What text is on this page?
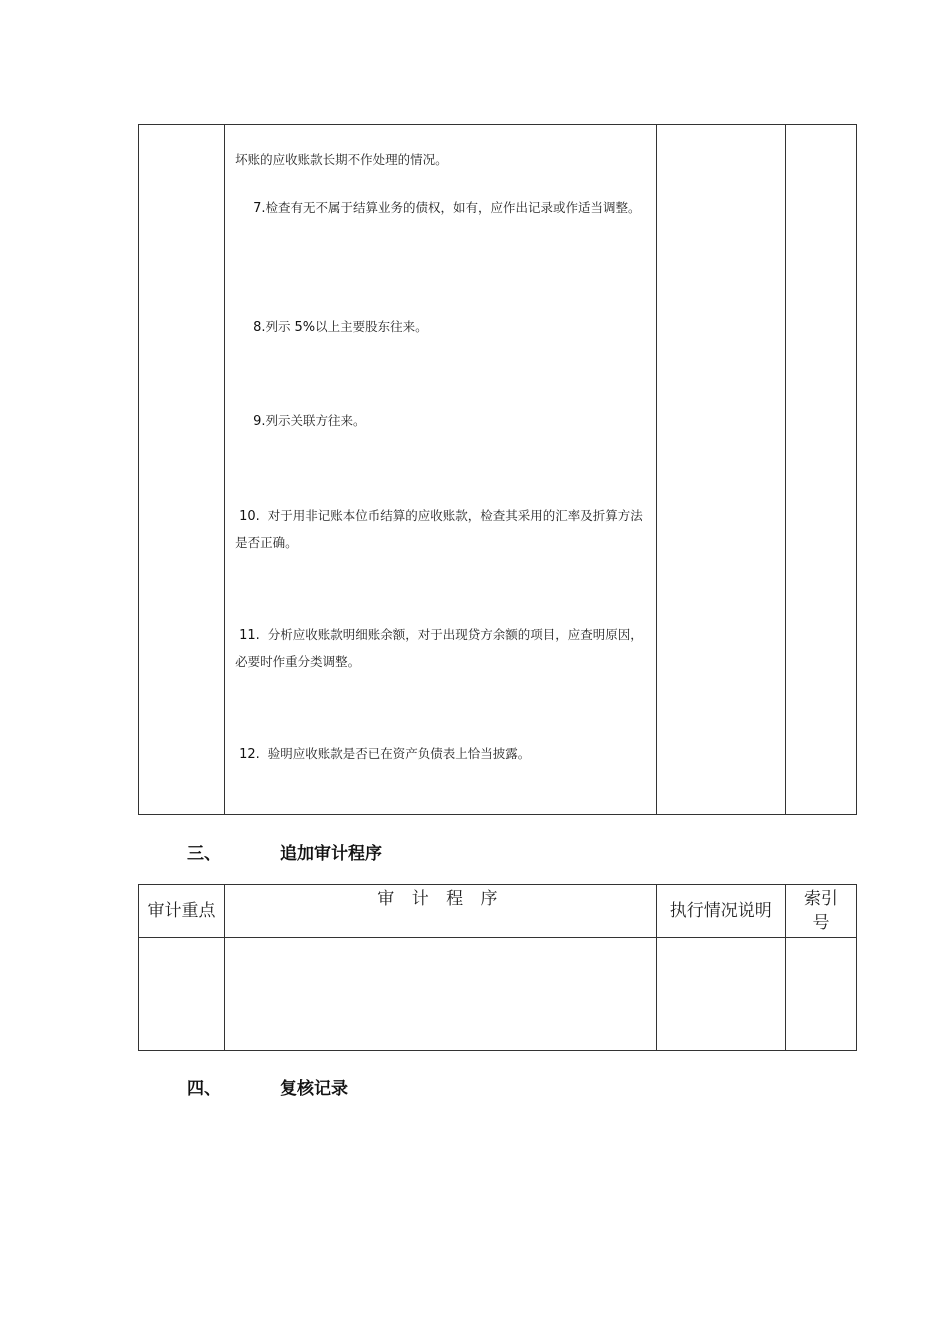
坏账的应收账款长期不作处理的情况。
7.检查有无不属于结算业务的债权，如有，应作出记录或作适当调整。
8.列示 5%以上主要股东往来。
9.列示关联方往来。
10. 对于用非记账本位币结算的应收账款，检查其采用的汇率及折算方法是否正确。
11. 分析应收账款明细账余额，对于出现贷方余额的项目，应查明原因，必要时作重分类调整。
12. 验明应收账款是否已在资产负债表上恰当披露。

三、	追加审计程序
审计重点	审 计 程 序	执行情况说明	索引号

四、	复核记录
